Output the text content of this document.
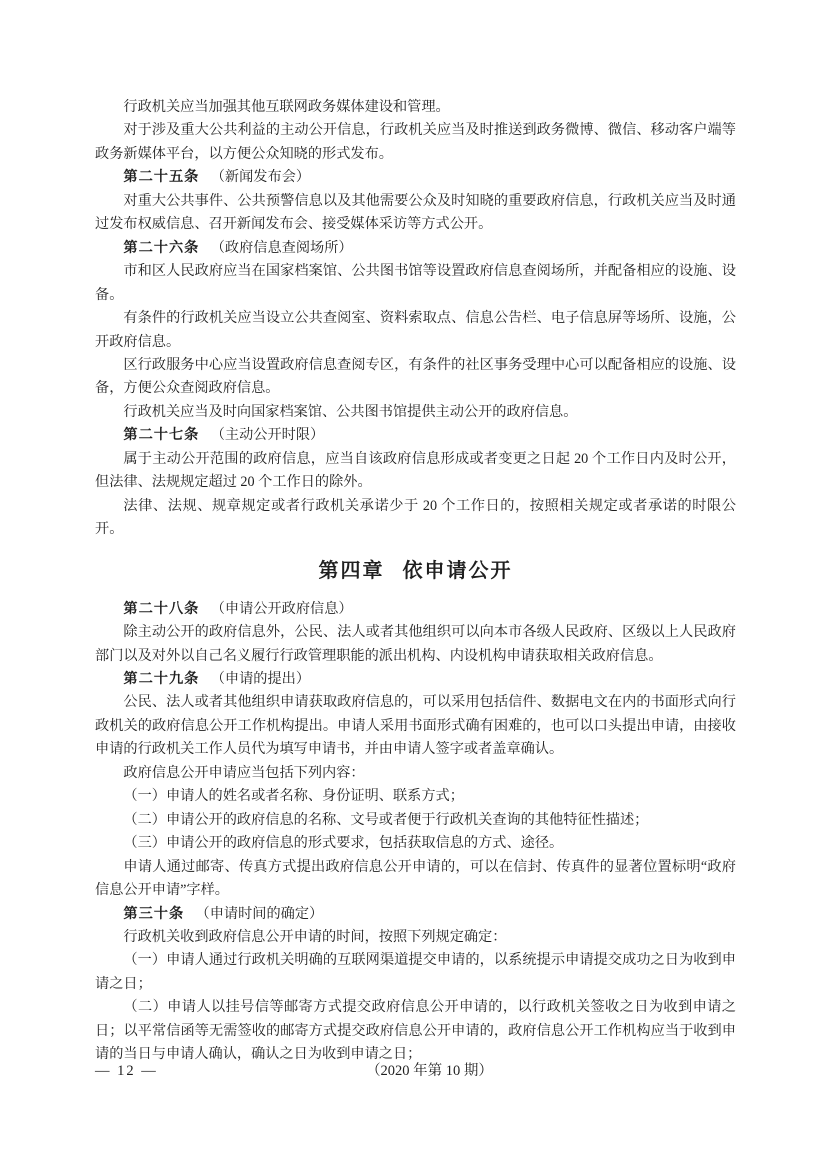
行政机关应当加强其他互联网政务媒体建设和管理。

对于涉及重大公共利益的主动公开信息，行政机关应当及时推送到政务微博、微信、移动客户端等政务新媒体平台，以方便公众知晓的形式发布。

第二十五条 （新闻发布会）

对重大公共事件、公共预警信息以及其他需要公众及时知晓的重要政府信息，行政机关应当及时通过发布权威信息、召开新闻发布会、接受媒体采访等方式公开。

第二十六条 （政府信息查阅场所）

市和区人民政府应当在国家档案馆、公共图书馆等设置政府信息查阅场所，并配备相应的设施、设备。

有条件的行政机关应当设立公共查阅室、资料索取点、信息公告栏、电子信息屏等场所、设施，公开政府信息。

区行政服务中心应当设置政府信息查阅专区，有条件的社区事务受理中心可以配备相应的设施、设备，方便公众查阅政府信息。

行政机关应当及时向国家档案馆、公共图书馆提供主动公开的政府信息。

第二十七条 （主动公开时限）

属于主动公开范围的政府信息，应当自该政府信息形成或者变更之日起 20 个工作日内及时公开，但法律、法规规定超过 20 个工作日的除外。

法律、法规、规章规定或者行政机关承诺少于 20 个工作日的，按照相关规定或者承诺的时限公开。

第四章 依申请公开

第二十八条 （申请公开政府信息）

除主动公开的政府信息外，公民、法人或者其他组织可以向本市各级人民政府、区级以上人民政府部门以及对外以自己名义履行行政管理职能的派出机构、内设机构申请获取相关政府信息。

第二十九条 （申请的提出）

公民、法人或者其他组织申请获取政府信息的，可以采用包括信件、数据电文在内的书面形式向行政机关的政府信息公开工作机构提出。申请人采用书面形式确有困难的，也可以口头提出申请，由接收申请的行政机关工作人员代为填写申请书，并由申请人签字或者盖章确认。

政府信息公开申请应当包括下列内容：

（一）申请人的姓名或者名称、身份证明、联系方式；

（二）申请公开的政府信息的名称、文号或者便于行政机关查询的其他特征性描述；

（三）申请公开的政府信息的形式要求，包括获取信息的方式、途径。

申请人通过邮寄、传真方式提出政府信息公开申请的，可以在信封、传真件的显著位置标明“政府信息公开申请”字样。

第三十条 （申请时间的确定）

行政机关收到政府信息公开申请的时间，按照下列规定确定：

（一）申请人通过行政机关明确的互联网渠道提交申请的，以系统提示申请提交成功之日为收到申请之日；

（二）申请人以挂号信等邮寄方式提交政府信息公开申请的，以行政机关签收之日为收到申请之日；以平常信函等无需签收的邮寄方式提交政府信息公开申请的，政府信息公开工作机构应当于收到申请的当日与申请人确认，确认之日为收到申请之日；

— 12 —	（2020 年第 10 期）
